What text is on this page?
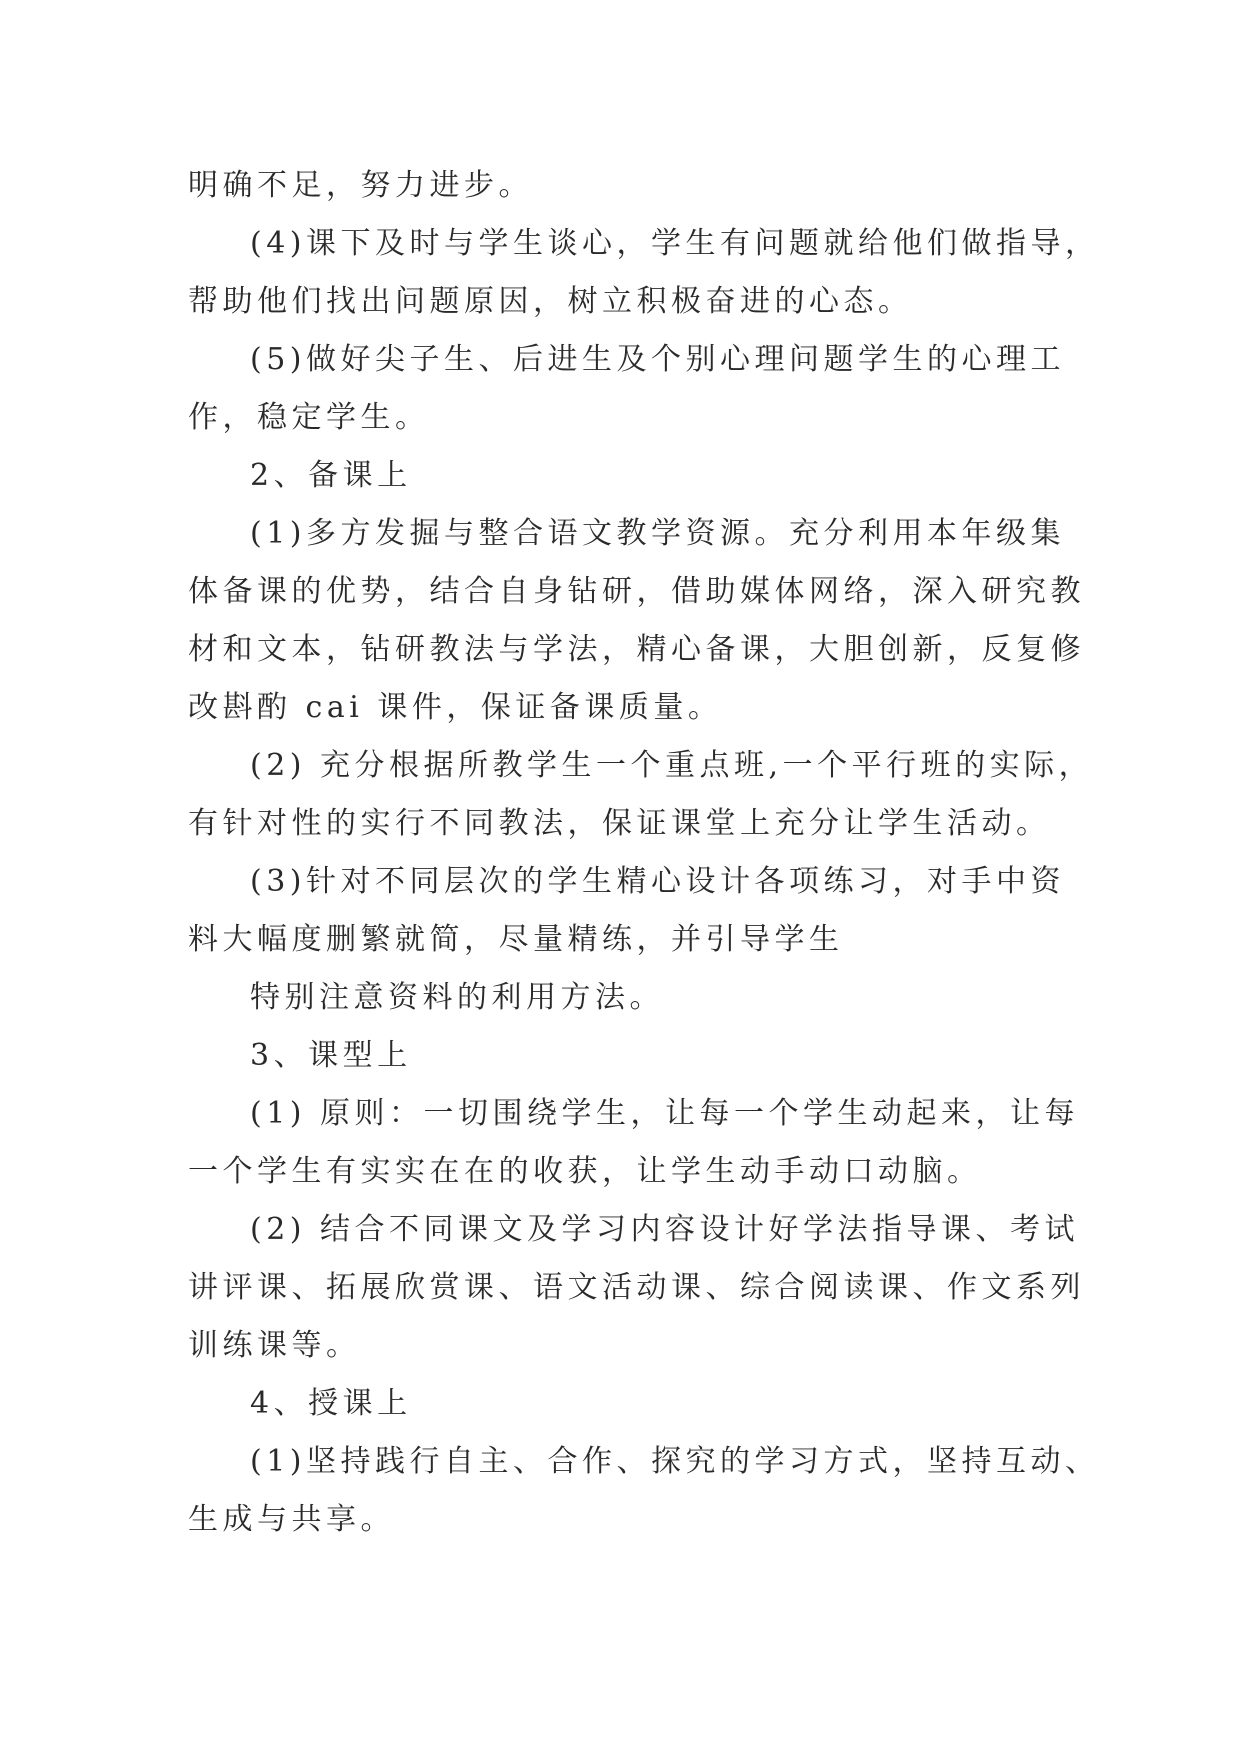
明确不足，努力进步。
(4)课下及时与学生谈心，学生有问题就给他们做指导，
帮助他们找出问题原因，树立积极奋进的心态。
(5)做好尖子生、后进生及个别心理问题学生的心理工
作，稳定学生。
2、备课上
(1)多方发掘与整合语文教学资源。充分利用本年级集
体备课的优势，结合自身钻研，借助媒体网络，深入研究教
材和文本，钻研教法与学法，精心备课，大胆创新，反复修
改斟酌 cai 课件，保证备课质量。
(2) 充分根据所教学生一个重点班,一个平行班的实际，
有针对性的实行不同教法，保证课堂上充分让学生活动。
(3)针对不同层次的学生精心设计各项练习，对手中资
料大幅度删繁就简，尽量精练，并引导学生
特别注意资料的利用方法。
3、课型上
(1) 原则：一切围绕学生，让每一个学生动起来，让每
一个学生有实实在在的收获，让学生动手动口动脑。
(2) 结合不同课文及学习内容设计好学法指导课、考试
讲评课、拓展欣赏课、语文活动课、综合阅读课、作文系列
训练课等。
4、授课上
(1)坚持践行自主、合作、探究的学习方式，坚持互动、
生成与共享。
